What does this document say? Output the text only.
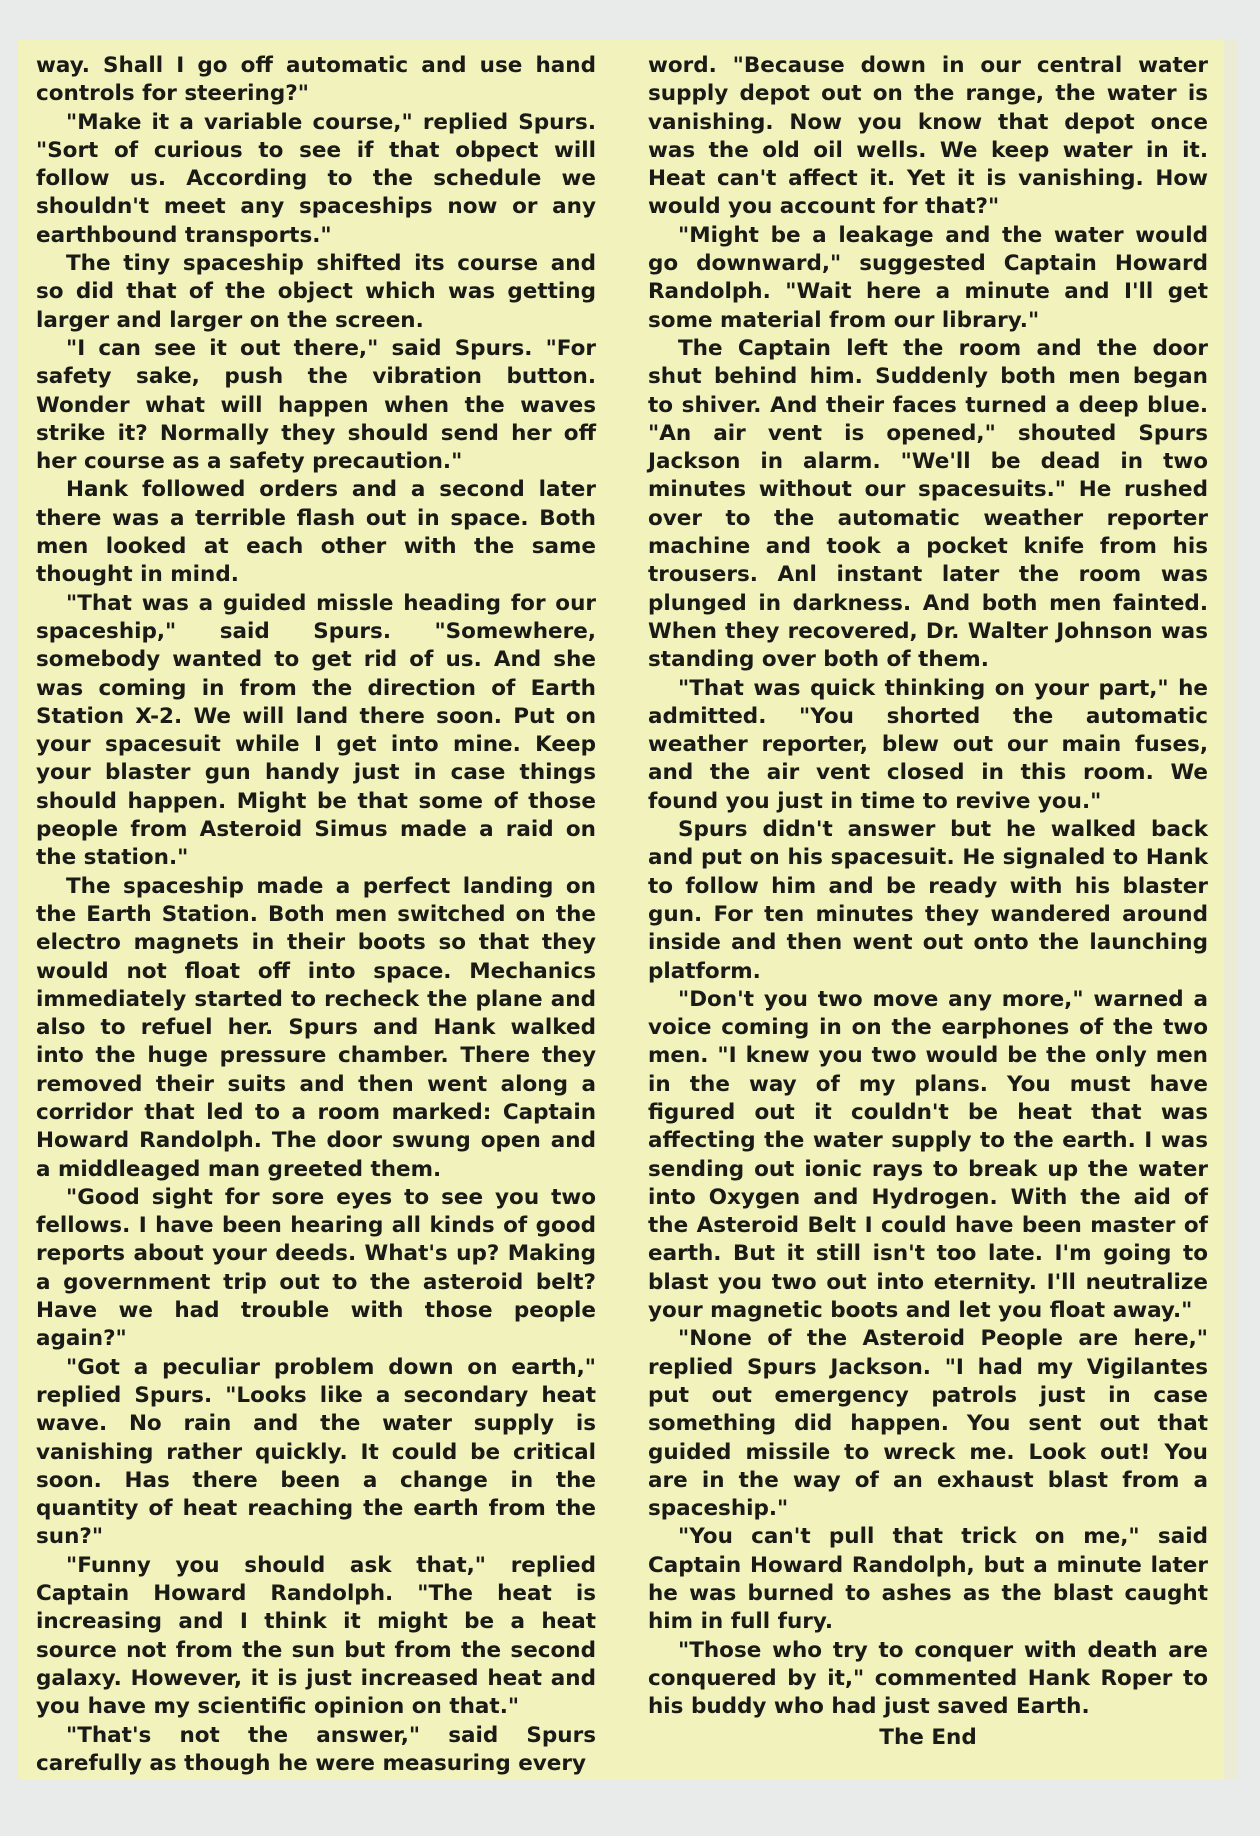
way. Shall I go off automatic and use hand controls for steering?"

"Make it a variable course," replied Spurs. "Sort of curious to see if that obpect will follow us. According to the schedule we shouldn't meet any spaceships now or any earthbound transports."

The tiny spaceship shifted its course and so did that of the object which was getting larger and larger on the screen.

"I can see it out there," said Spurs. "For safety sake, push the vibration button. Wonder what will happen when the waves strike it? Normally they should send her off her course as a safety precaution."

Hank followed orders and a second later there was a terrible flash out in space. Both men looked at each other with the same thought in mind.

"That was a guided missle heading for our spaceship," said Spurs. "Somewhere, somebody wanted to get rid of us. And she was coming in from the direction of Earth Station X-2. We will land there soon. Put on your spacesuit while I get into mine. Keep your blaster gun handy just in case things should happen. Might be that some of those people from Asteroid Simus made a raid on the station."

The spaceship made a perfect landing on the Earth Station. Both men switched on the electro magnets in their boots so that they would not float off into space. Mechanics immediately started to recheck the plane and also to refuel her. Spurs and Hank walked into the huge pressure chamber. There they removed their suits and then went along a corridor that led to a room marked: Captain Howard Randolph. The door swung open and a middleaged man greeted them.

"Good sight for sore eyes to see you two fellows. I have been hearing all kinds of good reports about your deeds. What's up? Making a government trip out to the asteroid belt? Have we had trouble with those people again?"

"Got a peculiar problem down on earth," replied Spurs. "Looks like a secondary heat wave. No rain and the water supply is vanishing rather quickly. It could be critical soon. Has there been a change in the quantity of heat reaching the earth from the sun?"

"Funny you should ask that," replied Captain Howard Randolph. "The heat is increasing and I think it might be a heat source not from the sun but from the second galaxy. However, it is just increased heat and you have my scientific opinion on that."

"That's not the answer," said Spurs carefully as though he were measuring every

word. "Because down in our central water supply depot out on the range, the water is vanishing. Now you know that depot once was the old oil wells. We keep water in it. Heat can't affect it. Yet it is vanishing. How would you account for that?"

"Might be a leakage and the water would go downward," suggested Captain Howard Randolph. "Wait here a minute and I'll get some material from our library."

The Captain left the room and the door shut behind him. Suddenly both men began to shiver. And their faces turned a deep blue. "An air vent is opened," shouted Spurs Jackson in alarm. "We'll be dead in two minutes without our spacesuits." He rushed over to the automatic weather reporter machine and took a pocket knife from his trousers. Anl instant later the room was plunged in darkness. And both men fainted. When they recovered, Dr. Walter Johnson was standing over both of them.

"That was quick thinking on your part," he admitted. "You shorted the automatic weather reporter, blew out our main fuses, and the air vent closed in this room. We found you just in time to revive you."

Spurs didn't answer but he walked back and put on his spacesuit. He signaled to Hank to follow him and be ready with his blaster gun. For ten minutes they wandered around inside and then went out onto the launching platform.

"Don't you two move any more," warned a voice coming in on the earphones of the two men. "I knew you two would be the only men in the way of my plans. You must have figured out it couldn't be heat that was affecting the water supply to the earth. I was sending out ionic rays to break up the water into Oxygen and Hydrogen. With the aid of the Asteroid Belt I could have been master of earth. But it still isn't too late. I'm going to blast you two out into eternity. I'll neutralize your magnetic boots and let you float away."

"None of the Asteroid People are here," replied Spurs Jackson. "I had my Vigilantes put out emergency patrols just in case something did happen. You sent out that guided missile to wreck me. Look out! You are in the way of an exhaust blast from a spaceship."

"You can't pull that trick on me," said Captain Howard Randolph, but a minute later he was burned to ashes as the blast caught him in full fury.

"Those who try to conquer with death are conquered by it," commented Hank Roper to his buddy who had just saved Earth.

The End
